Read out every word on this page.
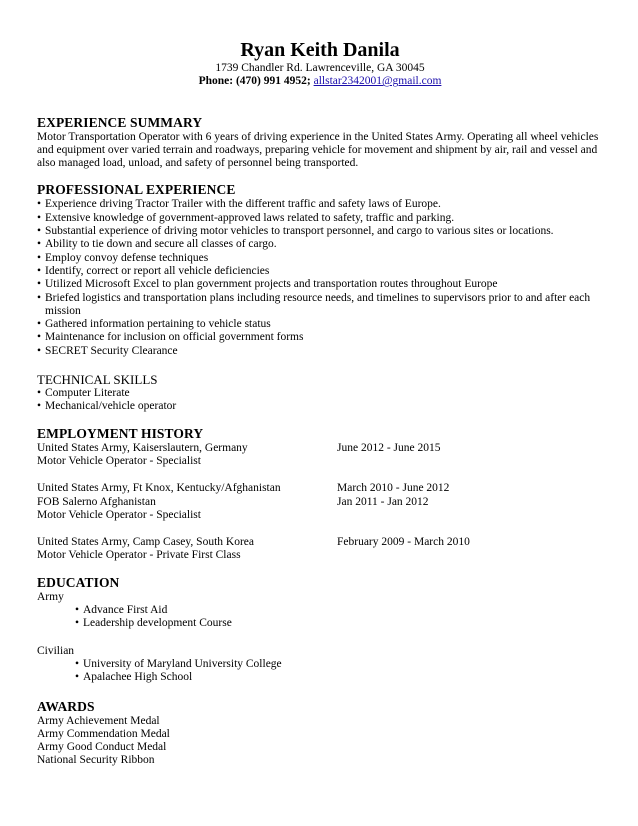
Ryan Keith Danila
1739 Chandler Rd. Lawrenceville, GA 30045
Phone: (470) 991 4952; allstar2342001@gmail.com
EXPERIENCE SUMMARY

Motor Transportation Operator with 6 years of driving experience in the United States Army. Operating all wheel vehicles and equipment over varied terrain and roadways, preparing vehicle for movement and shipment by air, rail and vessel and also managed load, unload, and safety of personnel being transported.

PROFESSIONAL EXPERIENCE
• Experience driving Tractor Trailer with the different traffic and safety laws of Europe.
• Extensive knowledge of government-approved laws related to safety, traffic and parking.
• Substantial experience of driving motor vehicles to transport personnel, and cargo to various sites or locations.
• Ability to tie down and secure all classes of cargo.
• Employ convoy defense techniques
• Identify, correct or report all vehicle deficiencies
• Utilized Microsoft Excel to plan government projects and transportation routes throughout Europe
• Briefed logistics and transportation plans including resource needs, and timelines to supervisors prior to and after each mission
• Gathered information pertaining to vehicle status
• Maintenance for inclusion on official government forms
• SECRET Security Clearance
TECHNICAL SKILLS
• Computer Literate
• Mechanical/vehicle operator
EMPLOYMENT HISTORY
United States Army, Kaiserslautern, Germany	June 2012 - June 2015
Motor Vehicle Operator - Specialist
United States Army, Ft Knox, Kentucky/Afghanistan	March 2010 - June 2012
FOB Salerno Afghanistan	Jan 2011 - Jan 2012
Motor Vehicle Operator - Specialist
United States Army, Camp Casey, South Korea	February 2009 - March 2010
Motor Vehicle Operator - Private First Class
EDUCATION
Army
• Advance First Aid
• Leadership development Course
Civilian
• University of Maryland University College
• Apalachee High School
AWARDS
Army Achievement Medal
Army Commendation Medal
Army Good Conduct Medal
National Security Ribbon
